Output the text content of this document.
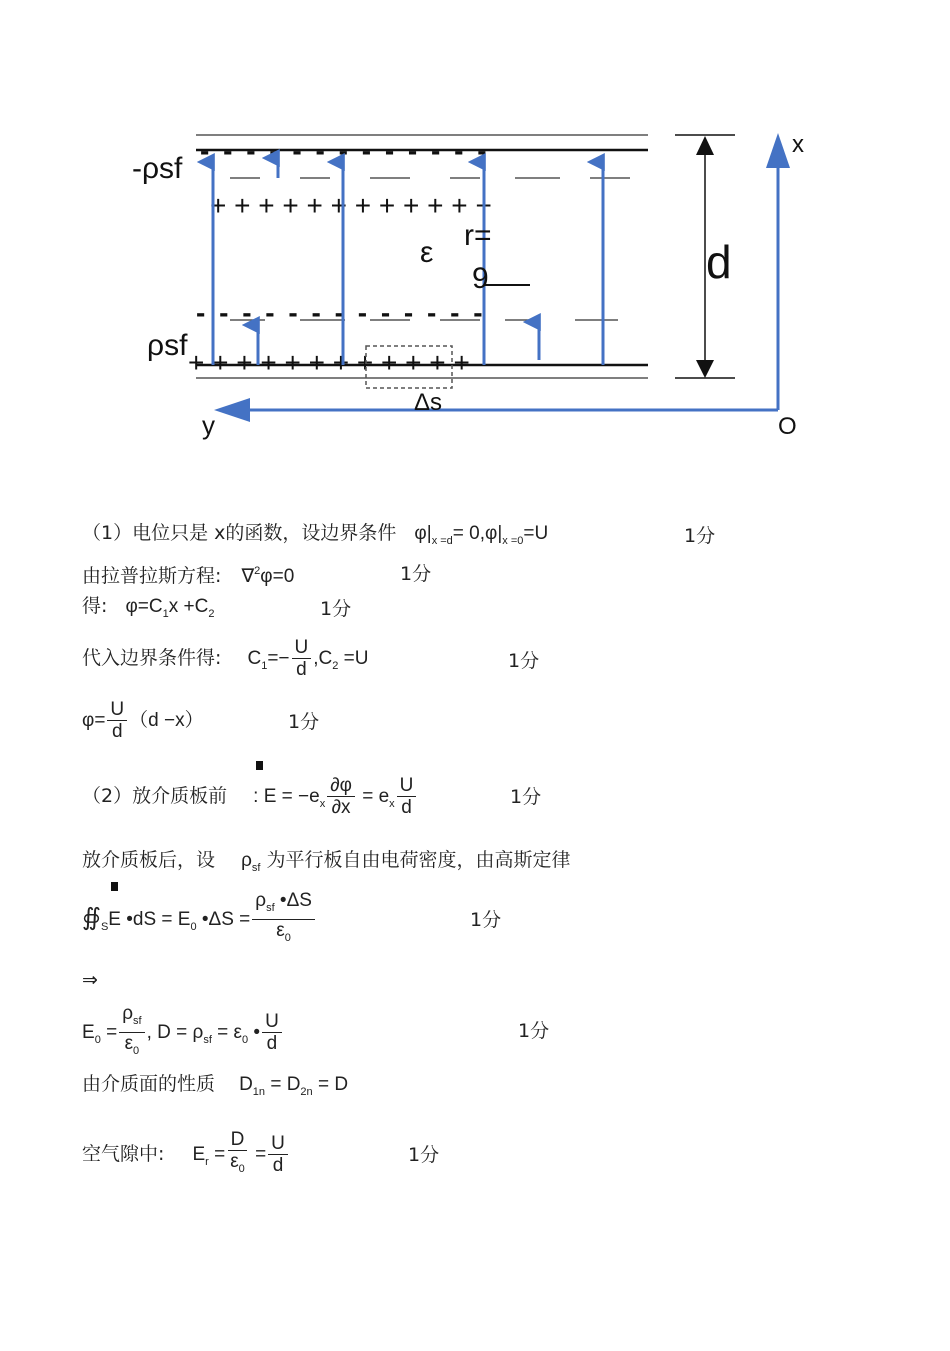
- - - - - - - - - - - - -
+ + + + + + + + + + + +
- - - - - - - - - - - - -
+ + + + + + + + + + + +
-ρsf
ρsf
ε
r=
9	d
Δs
x
y	O
（1）电位只是 x的函数，设边界条件 $\varphi|_{x =d}= 0,\varphi|_{x =0}=U$	1分
由拉普拉斯方程: ∇$^2$φ=0	1分
得: $\varphi=C_1x +C_2$	1分
代入边界条件得: $C_1=- \frac{U}{d} ,C_2 =U$	1分
$\varphi= \frac{U}{d} (d -x)$	1分
（2）放介质板前 : $E = -e_x \frac{\partial\varphi}{\partial x} = e_x \frac{U}{d}$	1分
放介质板后，设 $\rho_{sf}$ 为平行板自由电荷密度，由高斯定律
$∯_SE$ •dS = $E_0$ •ΔS = $\frac{\rho_{sf} •\Delta S}{\varepsilon_0}$	1分
⇒
$E_0 = \frac{\rho_{sf}}{\varepsilon_0}$ , $D = \rho_{sf} = \varepsilon_0$ • $\frac{U}{d}$	1分
由介质面的性质 $D_{1n} = D_{2n} = D$
空气隙中: $E_r = \frac{D}{\varepsilon_0} = \frac{U}{d}$	1分
